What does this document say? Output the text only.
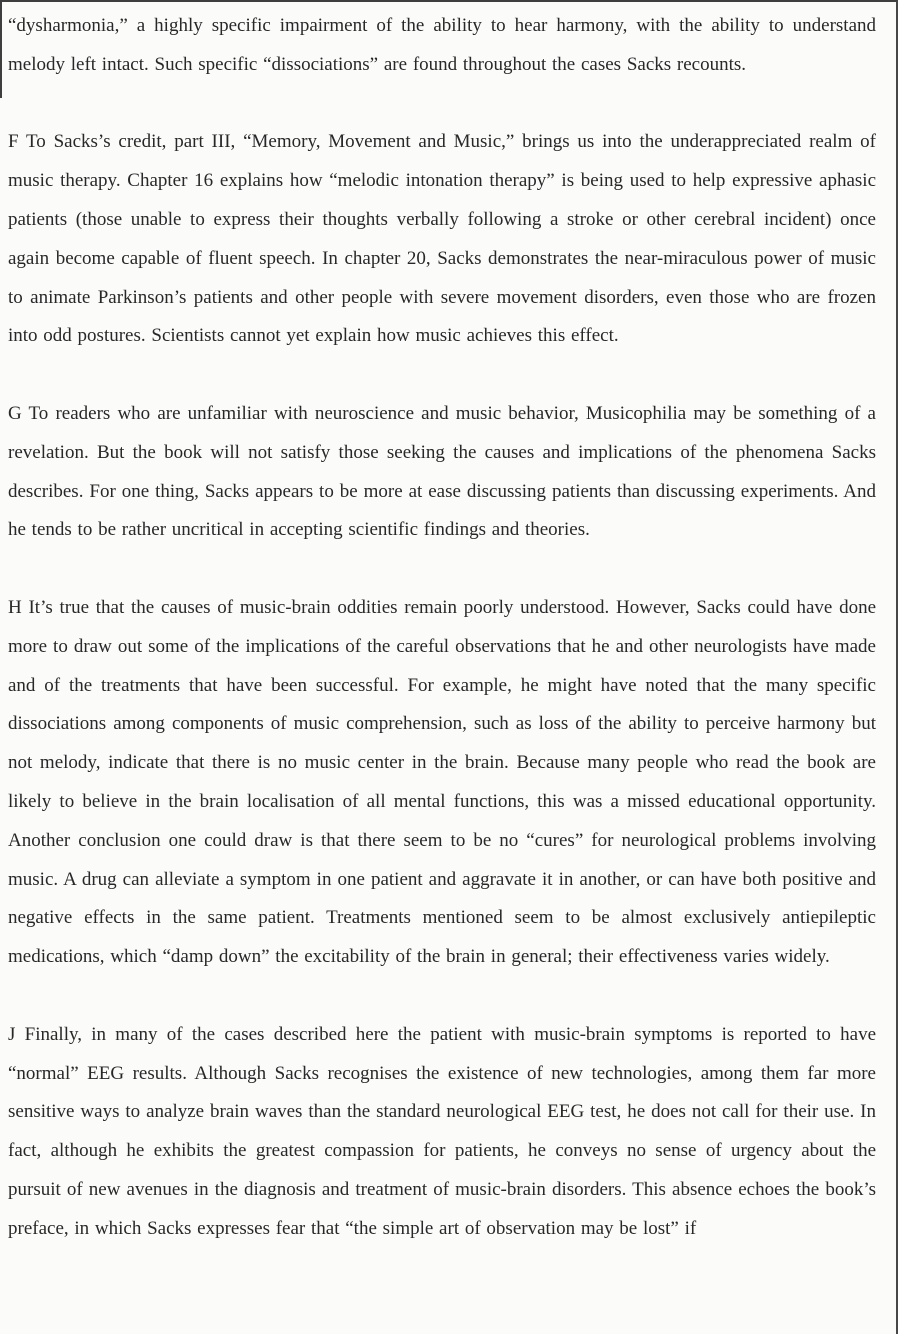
“dysharmonia,” a highly specific impairment of the ability to hear harmony, with the ability to understand melody left intact. Such specific “dissociations” are found throughout the cases Sacks recounts.

F To Sacks’s credit, part III, “Memory, Movement and Music,” brings us into the underappreciated realm of music therapy. Chapter 16 explains how “melodic intonation therapy” is being used to help expressive aphasic patients (those unable to express their thoughts verbally following a stroke or other cerebral incident) once again become capable of fluent speech. In chapter 20, Sacks demonstrates the near-miraculous power of music to animate Parkinson’s patients and other people with severe movement disorders, even those who are frozen into odd postures. Scientists cannot yet explain how music achieves this effect.

G To readers who are unfamiliar with neuroscience and music behavior, Musicophilia may be something of a revelation. But the book will not satisfy those seeking the causes and implications of the phenomena Sacks describes. For one thing, Sacks appears to be more at ease discussing patients than discussing experiments. And he tends to be rather uncritical in accepting scientific findings and theories.

H It’s true that the causes of music-brain oddities remain poorly understood. However, Sacks could have done more to draw out some of the implications of the careful observations that he and other neurologists have made and of the treatments that have been successful. For example, he might have noted that the many specific dissociations among components of music comprehension, such as loss of the ability to perceive harmony but not melody, indicate that there is no music center in the brain. Because many people who read the book are likely to believe in the brain localisation of all mental functions, this was a missed educational opportunity. Another conclusion one could draw is that there seem to be no “cures” for neurological problems involving music. A drug can alleviate a symptom in one patient and aggravate it in another, or can have both positive and negative effects in the same patient. Treatments mentioned seem to be almost exclusively antiepileptic medications, which “damp down” the excitability of the brain in general; their effectiveness varies widely.

J Finally, in many of the cases described here the patient with music-brain symptoms is reported to have “normal” EEG results. Although Sacks recognises the existence of new technologies, among them far more sensitive ways to analyze brain waves than the standard neurological EEG test, he does not call for their use. In fact, although he exhibits the greatest compassion for patients, he conveys no sense of urgency about the pursuit of new avenues in the diagnosis and treatment of music-brain disorders. This absence echoes the book’s preface, in which Sacks expresses fear that “the simple art of observation may be lost” if
